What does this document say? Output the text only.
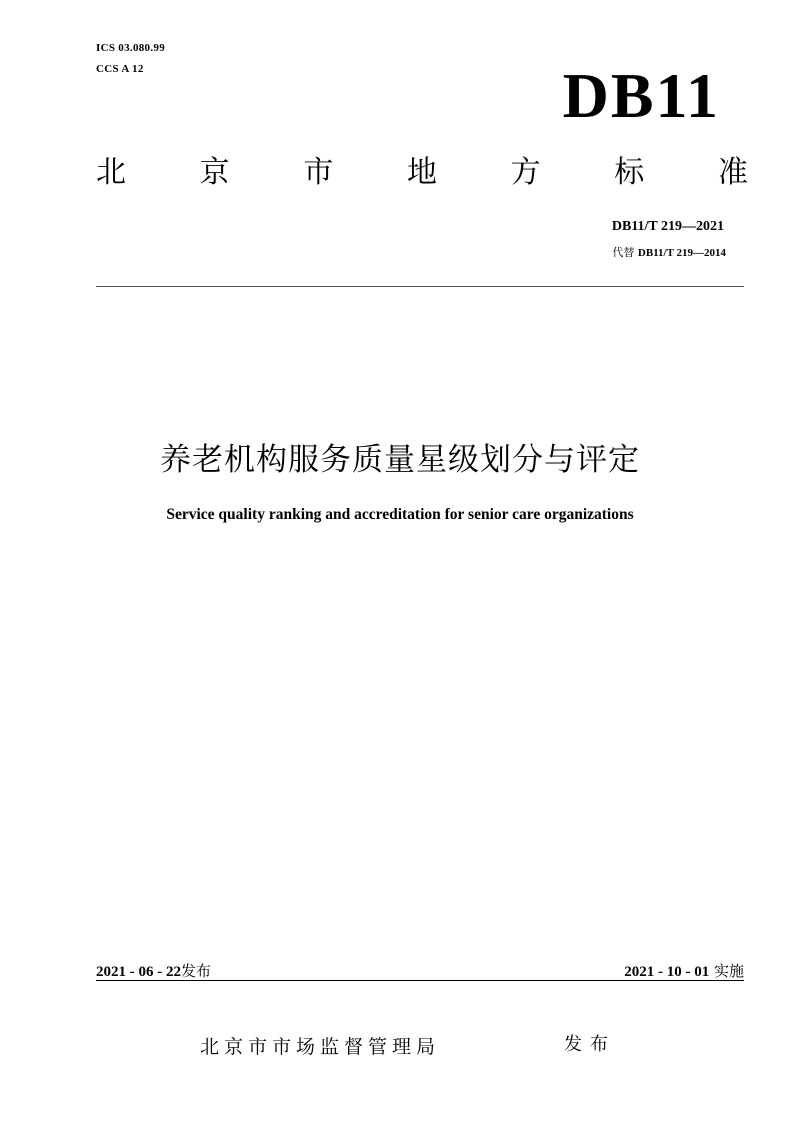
ICS 03.080.99
CCS A 12	DB11
北 京 市 地 方 标 准
DB11/T 219—2021
代替 DB11/T 219—2014
养老机构服务质量星级划分与评定
Service quality ranking and accreditation for senior care organizations
2021 - 06 - 22发布	2021 - 10 - 01 实施
北京市市场监督管理局	发布
